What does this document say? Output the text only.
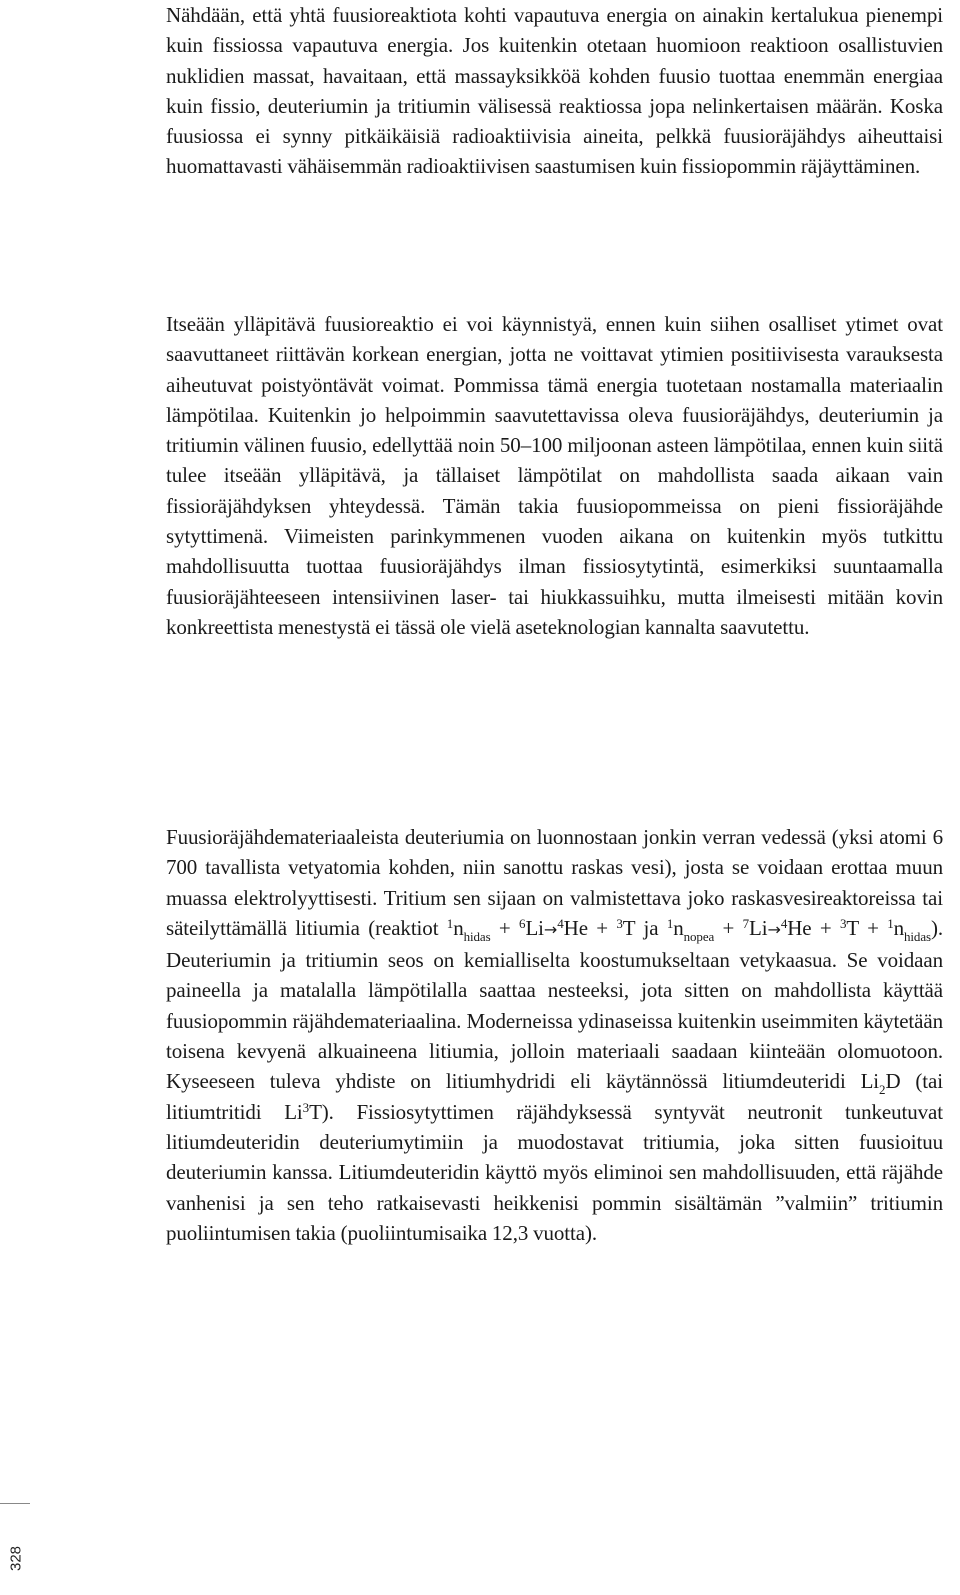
Nähdään, että yhtä fuusioreaktiota kohti vapautuva energia on ainakin kertalukua pienempi kuin fissiossa vapautuva energia. Jos kuitenkin otetaan huomioon reaktioon osallistuvien nuklidien massat, havaitaan, että massayksikköä kohden fuusio tuottaa enemmän energiaa kuin fissio, deuteriumin ja tritiumin välisessä reaktiossa jopa nelinkertaisen määrän. Koska fuusiossa ei synny pitkäikäisiä radioaktiivisia aineita, pelkkä fuusioräjähdys aiheuttaisi huomattavasti vähäisemmän radioaktiivisen saastumisen kuin fissiopommin räjäyttäminen.

Itseään ylläpitävä fuusioreaktio ei voi käynnistyä, ennen kuin siihen osalliset ytimet ovat saavuttaneet riittävän korkean energian, jotta ne voittavat ytimien positiivisesta varauksesta aiheutuvat poistyöntävät voimat. Pommissa tämä energia tuotetaan nostamalla materiaalin lämpötilaa. Kuitenkin jo helpoimmin saavutettavissa oleva fuusioräjähdys, deuteriumin ja tritiumin välinen fuusio, edellyttää noin 50–100 miljoonan asteen lämpötilaa, ennen kuin siitä tulee itseään ylläpitävä, ja tällaiset lämpötilat on mahdollista saada aikaan vain fissioräjähdyksen yhteydessä. Tämän takia fuusiopommeissa on pieni fissioräjähde sytyttimenä. Viimeisten parinkymmenen vuoden aikana on kuitenkin myös tutkittu mahdollisuutta tuottaa fuusioräjähdys ilman fissiosytytintä, esimerkiksi suuntaamalla fuusioräjähteeseen intensiivinen laser- tai hiukkassuihku, mutta ilmeisesti mitään kovin konkreettista menestystä ei tässä ole vielä aseteknologian kannalta saavutettu.

Fuusioräjähdemateriaaleista deuteriumia on luonnostaan jonkin verran vedessä (yksi atomi 6 700 tavallista vetyatomia kohden, niin sanottu raskas vesi), josta se voidaan erottaa muun muassa elektrolyyttisesti. Tritium sen sijaan on valmistettava joko raskasvesireaktoreissa tai säteilyttämällä litiumia (reaktiot $^1n_{hidas} + ^6Li\to^4He + ^3T$ ja $^1n_{nopea} + ^7Li\to^4He + ^3T + ^1n_{hidas}$). Deuteriumin ja tritiumin seos on kemialliselta koostumukseltaan vetykaasua. Se voidaan paineella ja matalalla lämpötilalla saattaa nesteeksi, jota sitten on mahdollista käyttää fuusiopommin räjähdemateriaalina. Moderneissa ydinaseissa kuitenkin useimmiten käytetään toisena kevyenä alkuaineena litiumia, jolloin materiaali saadaan kiinteään olomuotoon. Kyseeseen tuleva yhdiste on litiumhydridi eli käytännössä litiumdeuteridi $Li_2D$ (tai litiumtritidi Li$^3$T). Fissiosytyttimen räjähdyksessä syntyvät neutronit tunkeutuvat litiumdeuteridin deuteriumytimiin ja muodostavat tritiumia, joka sitten fuusioituu deuteriumin kanssa. Litiumdeuteridin käyttö myös eliminoi sen mahdollisuuden, että räjähde vanhenisi ja sen teho ratkaisevasti heikkenisi pommin sisältämän ”valmiin” tritiumin puoliintumisen takia (puoliintumisaika 12,3 vuotta).

328
